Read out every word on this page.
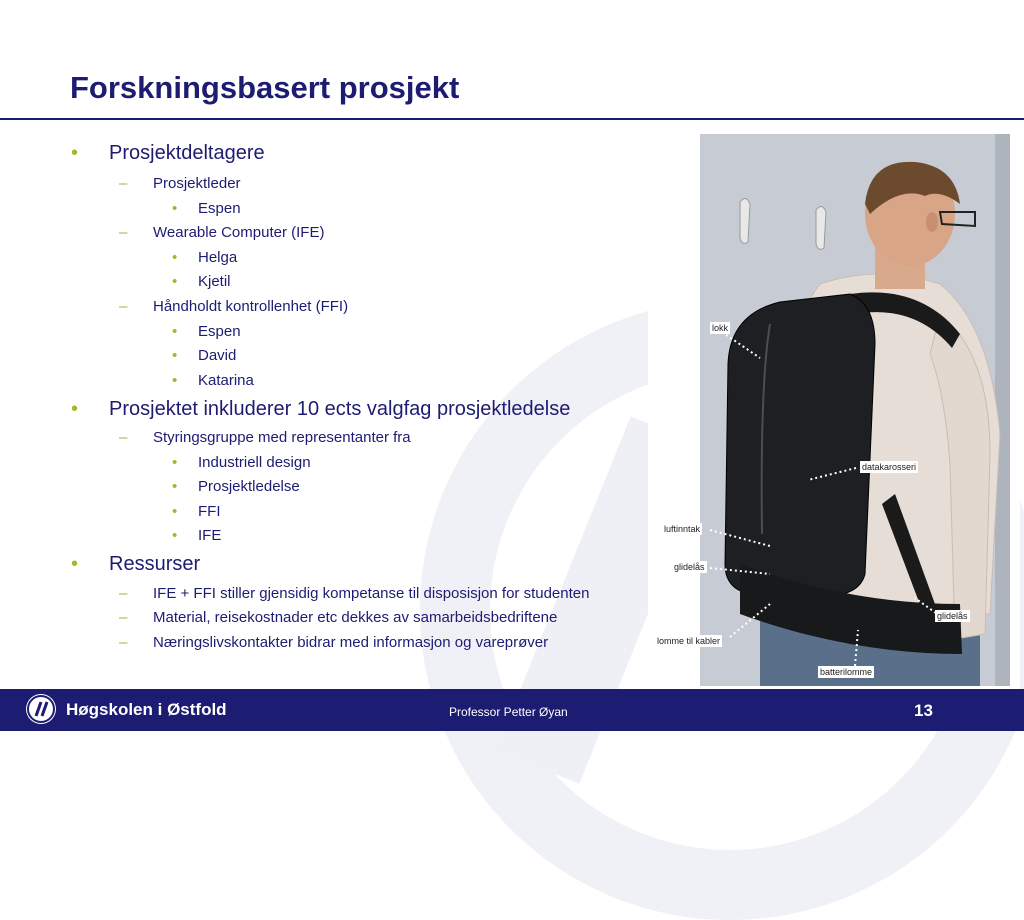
Forskningsbasert prosjekt
• Prosjektdeltagere
– Prosjektleder
• Espen
– Wearable Computer (IFE)
• Helga
• Kjetil
– Håndholdt kontrollenhet (FFI)
• Espen
• David
• Katarina
• Prosjektet inkluderer 10 ects valgfag prosjektledelse
– Styringsgruppe med representanter fra
• Industriell design
• Prosjektledelse
• FFI
• IFE
• Ressurser
– IFE + FFI stiller gjensidig kompetanse til disposisjon for studenten
– Material, reisekostnader etc dekkes av samarbeidsbedriftene
– Næringslivskontakter bidrar med informasjon og vareprøver
lokk
datakarosseri
luftinntak
glidelås
glidelås
lomme til kabler
batterilomme
Høgskolen i Østfold	Professor Petter Øyan	13
